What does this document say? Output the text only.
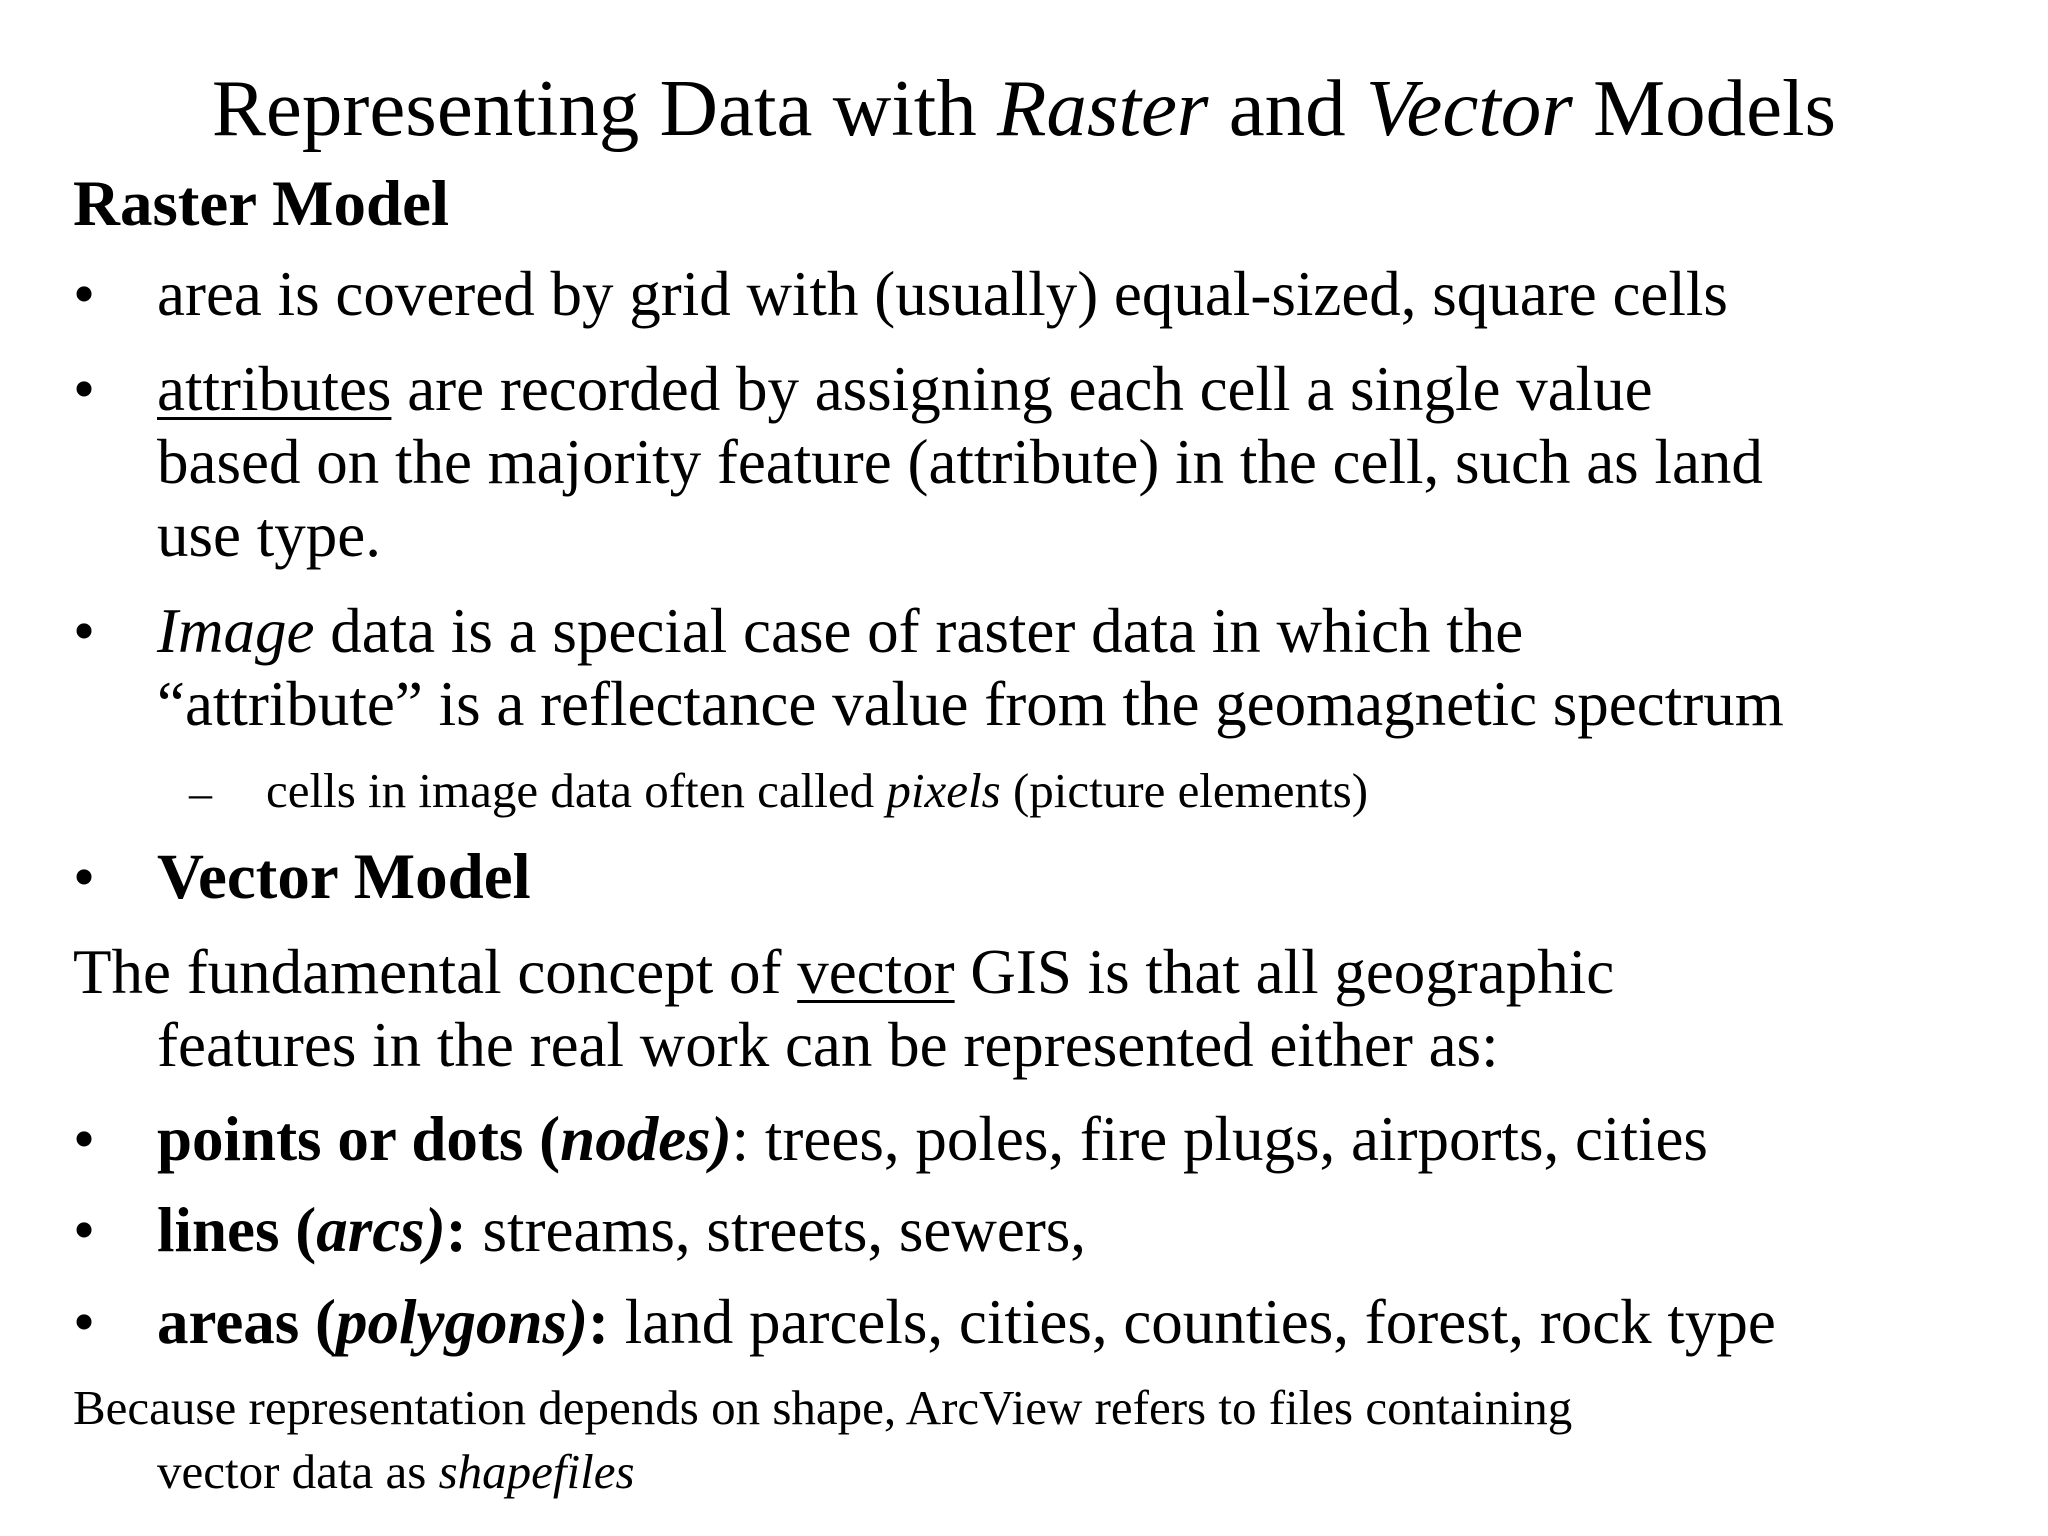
Representing Data with Raster and Vector Models
Raster Model
• area is covered by grid with (usually) equal-sized, square cells
• attributes are recorded by assigning each cell a single value
based on the majority feature (attribute) in the cell, such as land
use type.
• Image data is a special case of raster data in which the
“attribute” is a reflectance value from the geomagnetic spectrum
– cells in image data often called pixels (picture elements)
• Vector Model
The fundamental concept of vector GIS is that all geographic
features in the real work can be represented either as:
• points or dots (nodes): trees, poles, fire plugs, airports, cities
• lines (arcs): streams, streets, sewers,
• areas (polygons): land parcels, cities, counties, forest, rock type
Because representation depends on shape, ArcView refers to files containing
vector data as shapefiles
